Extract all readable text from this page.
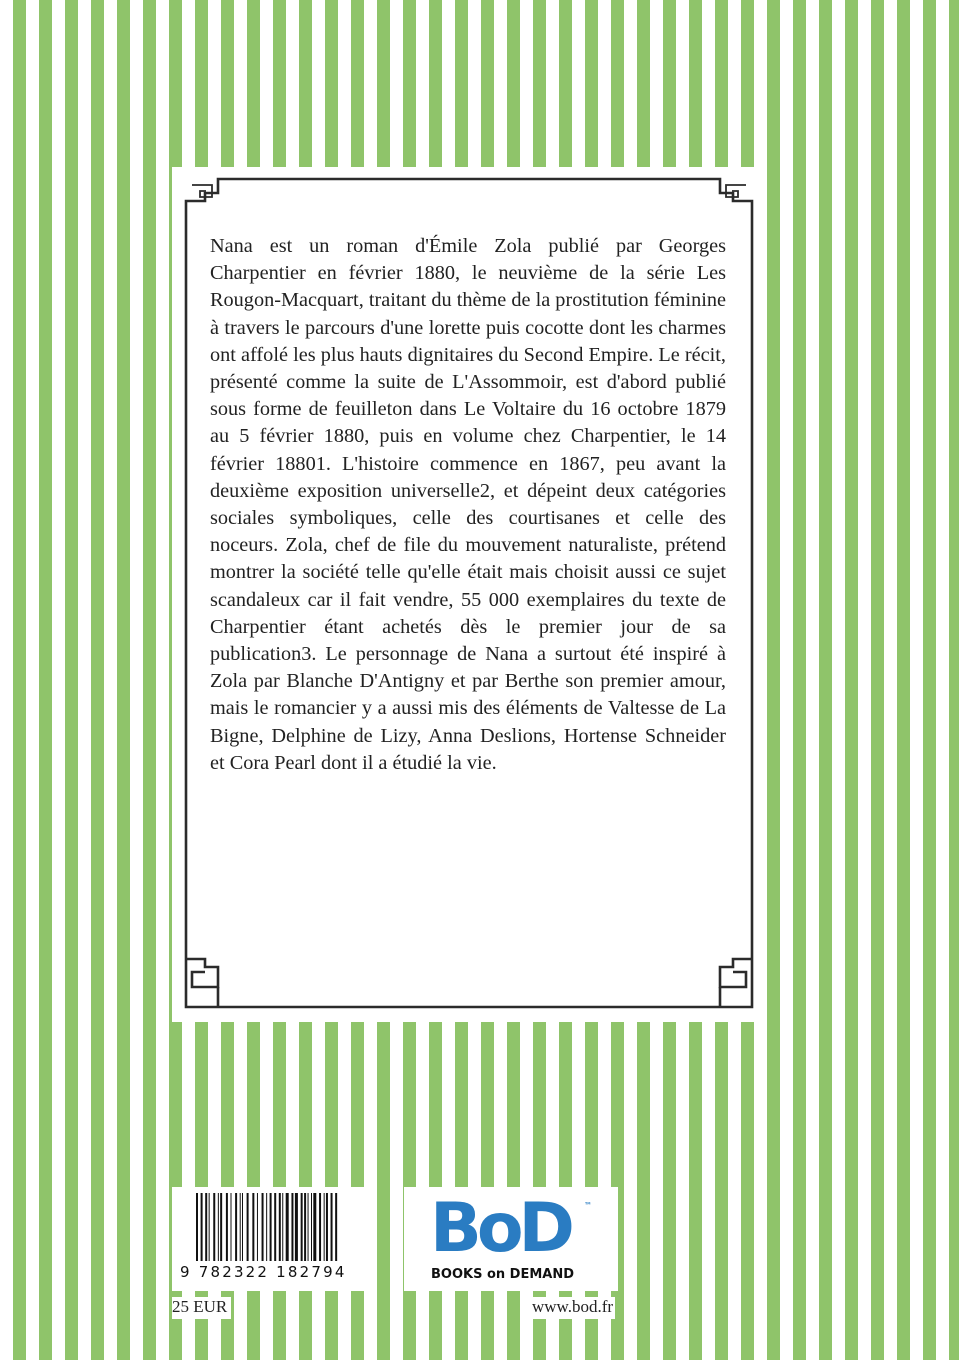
Nana est un roman d'Émile Zola publié par Georges Charpentier en février 1880, le neuvième de la série Les Rougon-Macquart, traitant du thème de la prostitution féminine à travers le parcours d'une lorette puis cocotte dont les charmes ont affolé les plus hauts dignitaires du Second Empire. Le récit, présenté comme la suite de L'Assommoir, est d'abord publié sous forme de feuilleton dans Le Voltaire du 16 octobre 1879 au 5 février 1880, puis en volume chez Charpentier, le 14 février 18801. L'histoire commence en 1867, peu avant la deuxième exposition universelle2, et dépeint deux catégories sociales symboliques, celle des courtisanes et celle des noceurs. Zola, chef de file du mouvement naturaliste, prétend montrer la société telle qu'elle était mais choisit aussi ce sujet scandaleux car il fait vendre, 55 000 exemplaires du texte de Charpentier étant achetés dès le premier jour de sa publication3. Le personnage de Nana a surtout été inspiré à Zola par Blanche D'Antigny et par Berthe son premier amour, mais le romancier y a aussi mis des éléments de Valtesse de La Bigne, Delphine de Lizy, Anna Deslions, Hortense Schneider et Cora Pearl dont il a étudié la vie.

9 782322 182794
BoD ™
BOOKS on DEMAND
25 EUR	www.bod.fr
